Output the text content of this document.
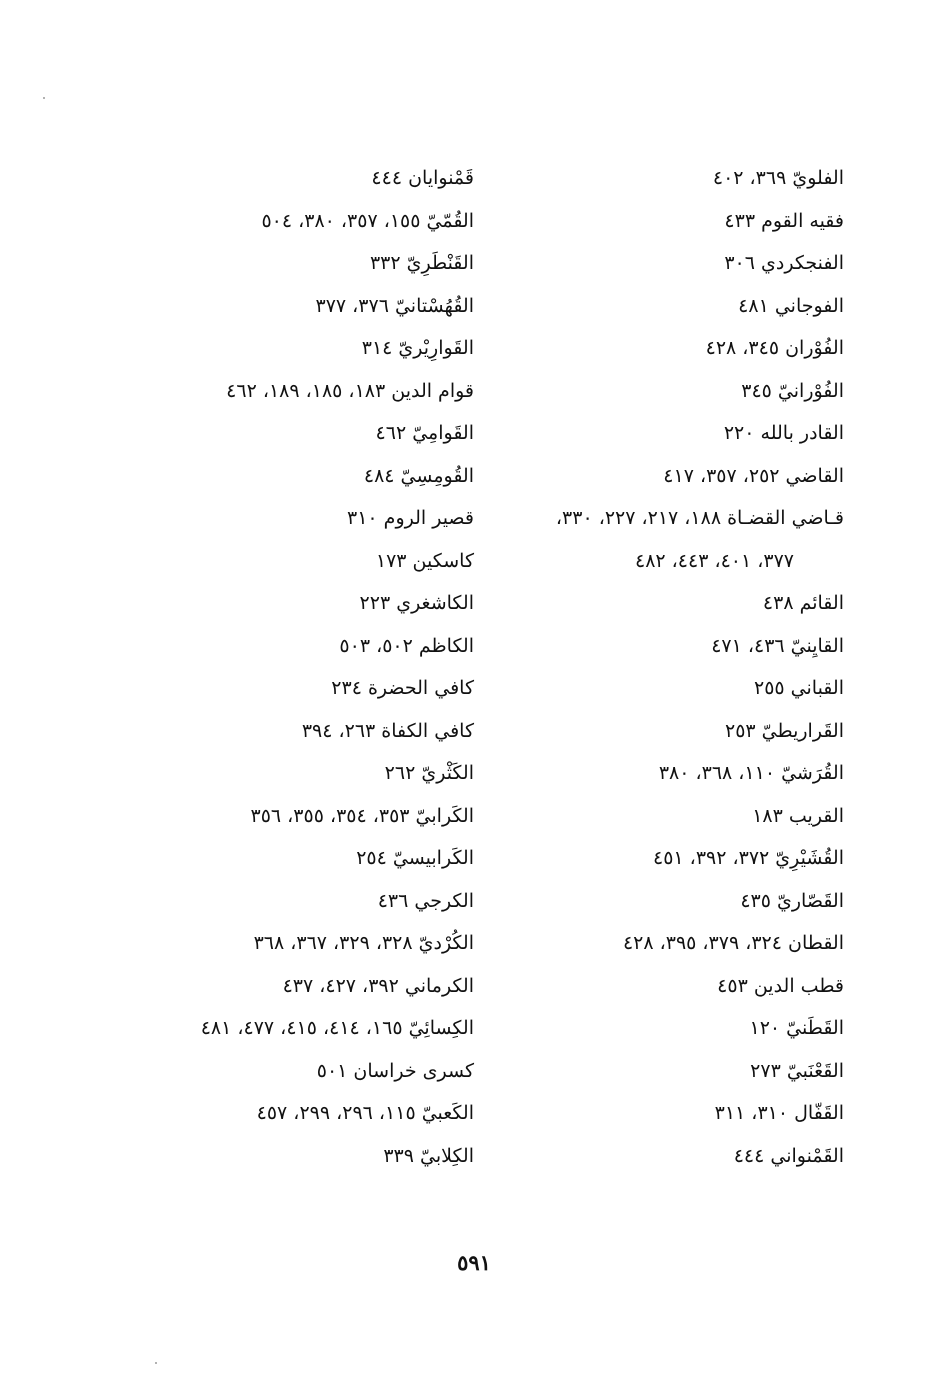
الفلويّ ٣٦٩، ٤٠٢
فقيه القوم ٤٣٣
الفنجكردي ٣٠٦
الفوجاني ٤٨١
الفُوْران ٣٤٥، ٤٢٨
الفُوْرانيّ ٣٤٥
القادر بالله ٢٢٠
القاضي ٢٥٢، ٣٥٧، ٤١٧
قـاضي القضـاة ١٨٨، ٢١٧، ٢٢٧، ٣٣٠،
٣٧٧، ٤٠١، ٤٤٣، ٤٨٢
القائم ٤٣٨
القايِنيّ ٤٣٦، ٤٧١
القباني ٢٥٥
القَراريطيّ ٢٥٣
القُرَشيّ ١١٠، ٣٦٨، ٣٨٠
القريب ١٨٣
القُشَيْرِيّ ٣٧٢، ٣٩٢، ٤٥١
القَصّاريّ ٤٣٥
القطان ٣٢٤، ٣٧٩، ٣٩٥، ٤٢٨
قطب الدين ٤٥٣
القَطَنيّ ١٢٠
القَعْنَبيّ ٢٧٣
القَفّال ٣١٠، ٣١١
القَمْنواني ٤٤٤
قَمْنوايان ٤٤٤
القُمّيّ ١٥٥، ٣٥٧، ٣٨٠، ٥٠٤
القَنْطَرِيّ ٣٣٢
القُهُسْتانيّ ٣٧٦، ٣٧٧
القَوارِيْريّ ٣١٤
قوام الدين ١٨٣، ١٨٥، ١٨٩، ٤٦٢
القَوامِيّ ٤٦٢
القُومِسِيّ ٤٨٤
قصير الروم ٣١٠
كاسكين ١٧٣
الكاشغري ٢٢٣
الكاظم ٥٠٢، ٥٠٣
كافي الحضرة ٢٣٤
كافي الكفاة ٢٦٣، ٣٩٤
الكَثْريّ ٢٦٢
الكَرابيّ ٣٥٣، ٣٥٤، ٣٥٥، ٣٥٦
الكَرابيسيّ ٢٥٤
الكرجي ٤٣٦
الكُرْديّ ٣٢٨، ٣٢٩، ٣٦٧، ٣٦٨
الكرماني ٣٩٢، ٤٢٧، ٤٣٧
الكِسائِيّ ١٦٥، ٤١٤، ٤١٥، ٤٧٧، ٤٨١
كسرى خراسان ٥٠١
الكَعبيّ ١١٥، ٢٩٦، ٢٩٩، ٤٥٧
الكِلابيّ ٣٣٩
٥٩١
